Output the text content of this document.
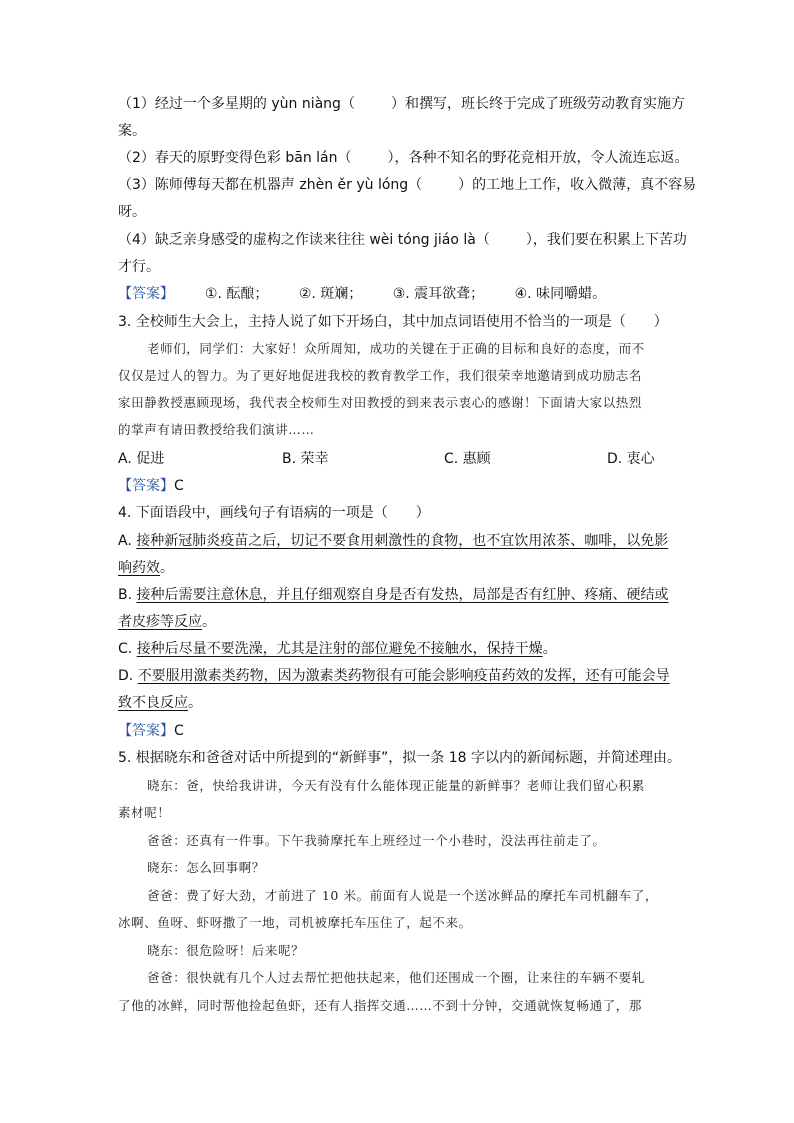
（1）经过一个多星期的 yùn niàng（	）和撰写，班长终于完成了班级劳动教育实施方
案。
（2）春天的原野变得色彩 bān lán（	），各种不知名的野花竞相开放，令人流连忘返。
（3）陈师傅每天都在机器声 zhèn ěr yù lóng（	）的工地上工作，收入微薄，真不容易
呀。
（4）缺乏亲身感受的虚构之作读来往往 wèi tóng jiáo là（	），我们要在积累上下苦功
才行。
【答案】 ①. 酝酿； ②. 斑斓； ③. 震耳欲聋； ④. 味同嚼蜡。
3. 全校师生大会上，主持人说了如下开场白，其中加点词语使用不恰当的一项是（　　）
老师们，同学们：大家好！众所周知，成功的关键在于正确的目标和良好的态度，而不
仅仅是过人的智力。为了更好地促进我校的教育教学工作，我们很荣幸地邀请到成功励志名
家田静教授惠顾现场，我代表全校师生对田教授的到来表示衷心的感谢！下面请大家以热烈
的掌声有请田教授给我们演讲……
A. 促进	B. 荣幸	C. 惠顾	D. 衷心
【答案】C
4. 下面语段中，画线句子有语病的一项是（　　）
A. 接种新冠肺炎疫苗之后，切记不要食用刺激性的食物，也不宜饮用浓茶、咖啡，以免影
响药效。
B. 接种后需要注意休息，并且仔细观察自身是否有发热，局部是否有红肿、疼痛、硬结或
者皮疹等反应。
C. 接种后尽量不要洗澡，尤其是注射的部位避免不接触水，保持干燥。
D. 不要服用激素类药物，因为激素类药物很有可能会影响疫苗药效的发挥，还有可能会导
致不良反应。
【答案】C
5. 根据晓东和爸爸对话中所提到的“新鲜事”，拟一条 18 字以内的新闻标题，并简述理由。
晓东：爸，快给我讲讲，今天有没有什么能体现正能量的新鲜事？老师让我们留心积累
素材呢！
爸爸：还真有一件事。下午我骑摩托车上班经过一个小巷时，没法再往前走了。
晓东：怎么回事啊？
爸爸：费了好大劲，才前进了 10 米。前面有人说是一个送冰鲜品的摩托车司机翻车了，
冰啊、鱼呀、虾呀撒了一地，司机被摩托车压住了，起不来。
晓东：很危险呀！后来呢？
爸爸：很快就有几个人过去帮忙把他扶起来，他们还围成一个圈，让来往的车辆不要轧
了他的冰鲜，同时帮他捡起鱼虾，还有人指挥交通……不到十分钟，交通就恢复畅通了，那
